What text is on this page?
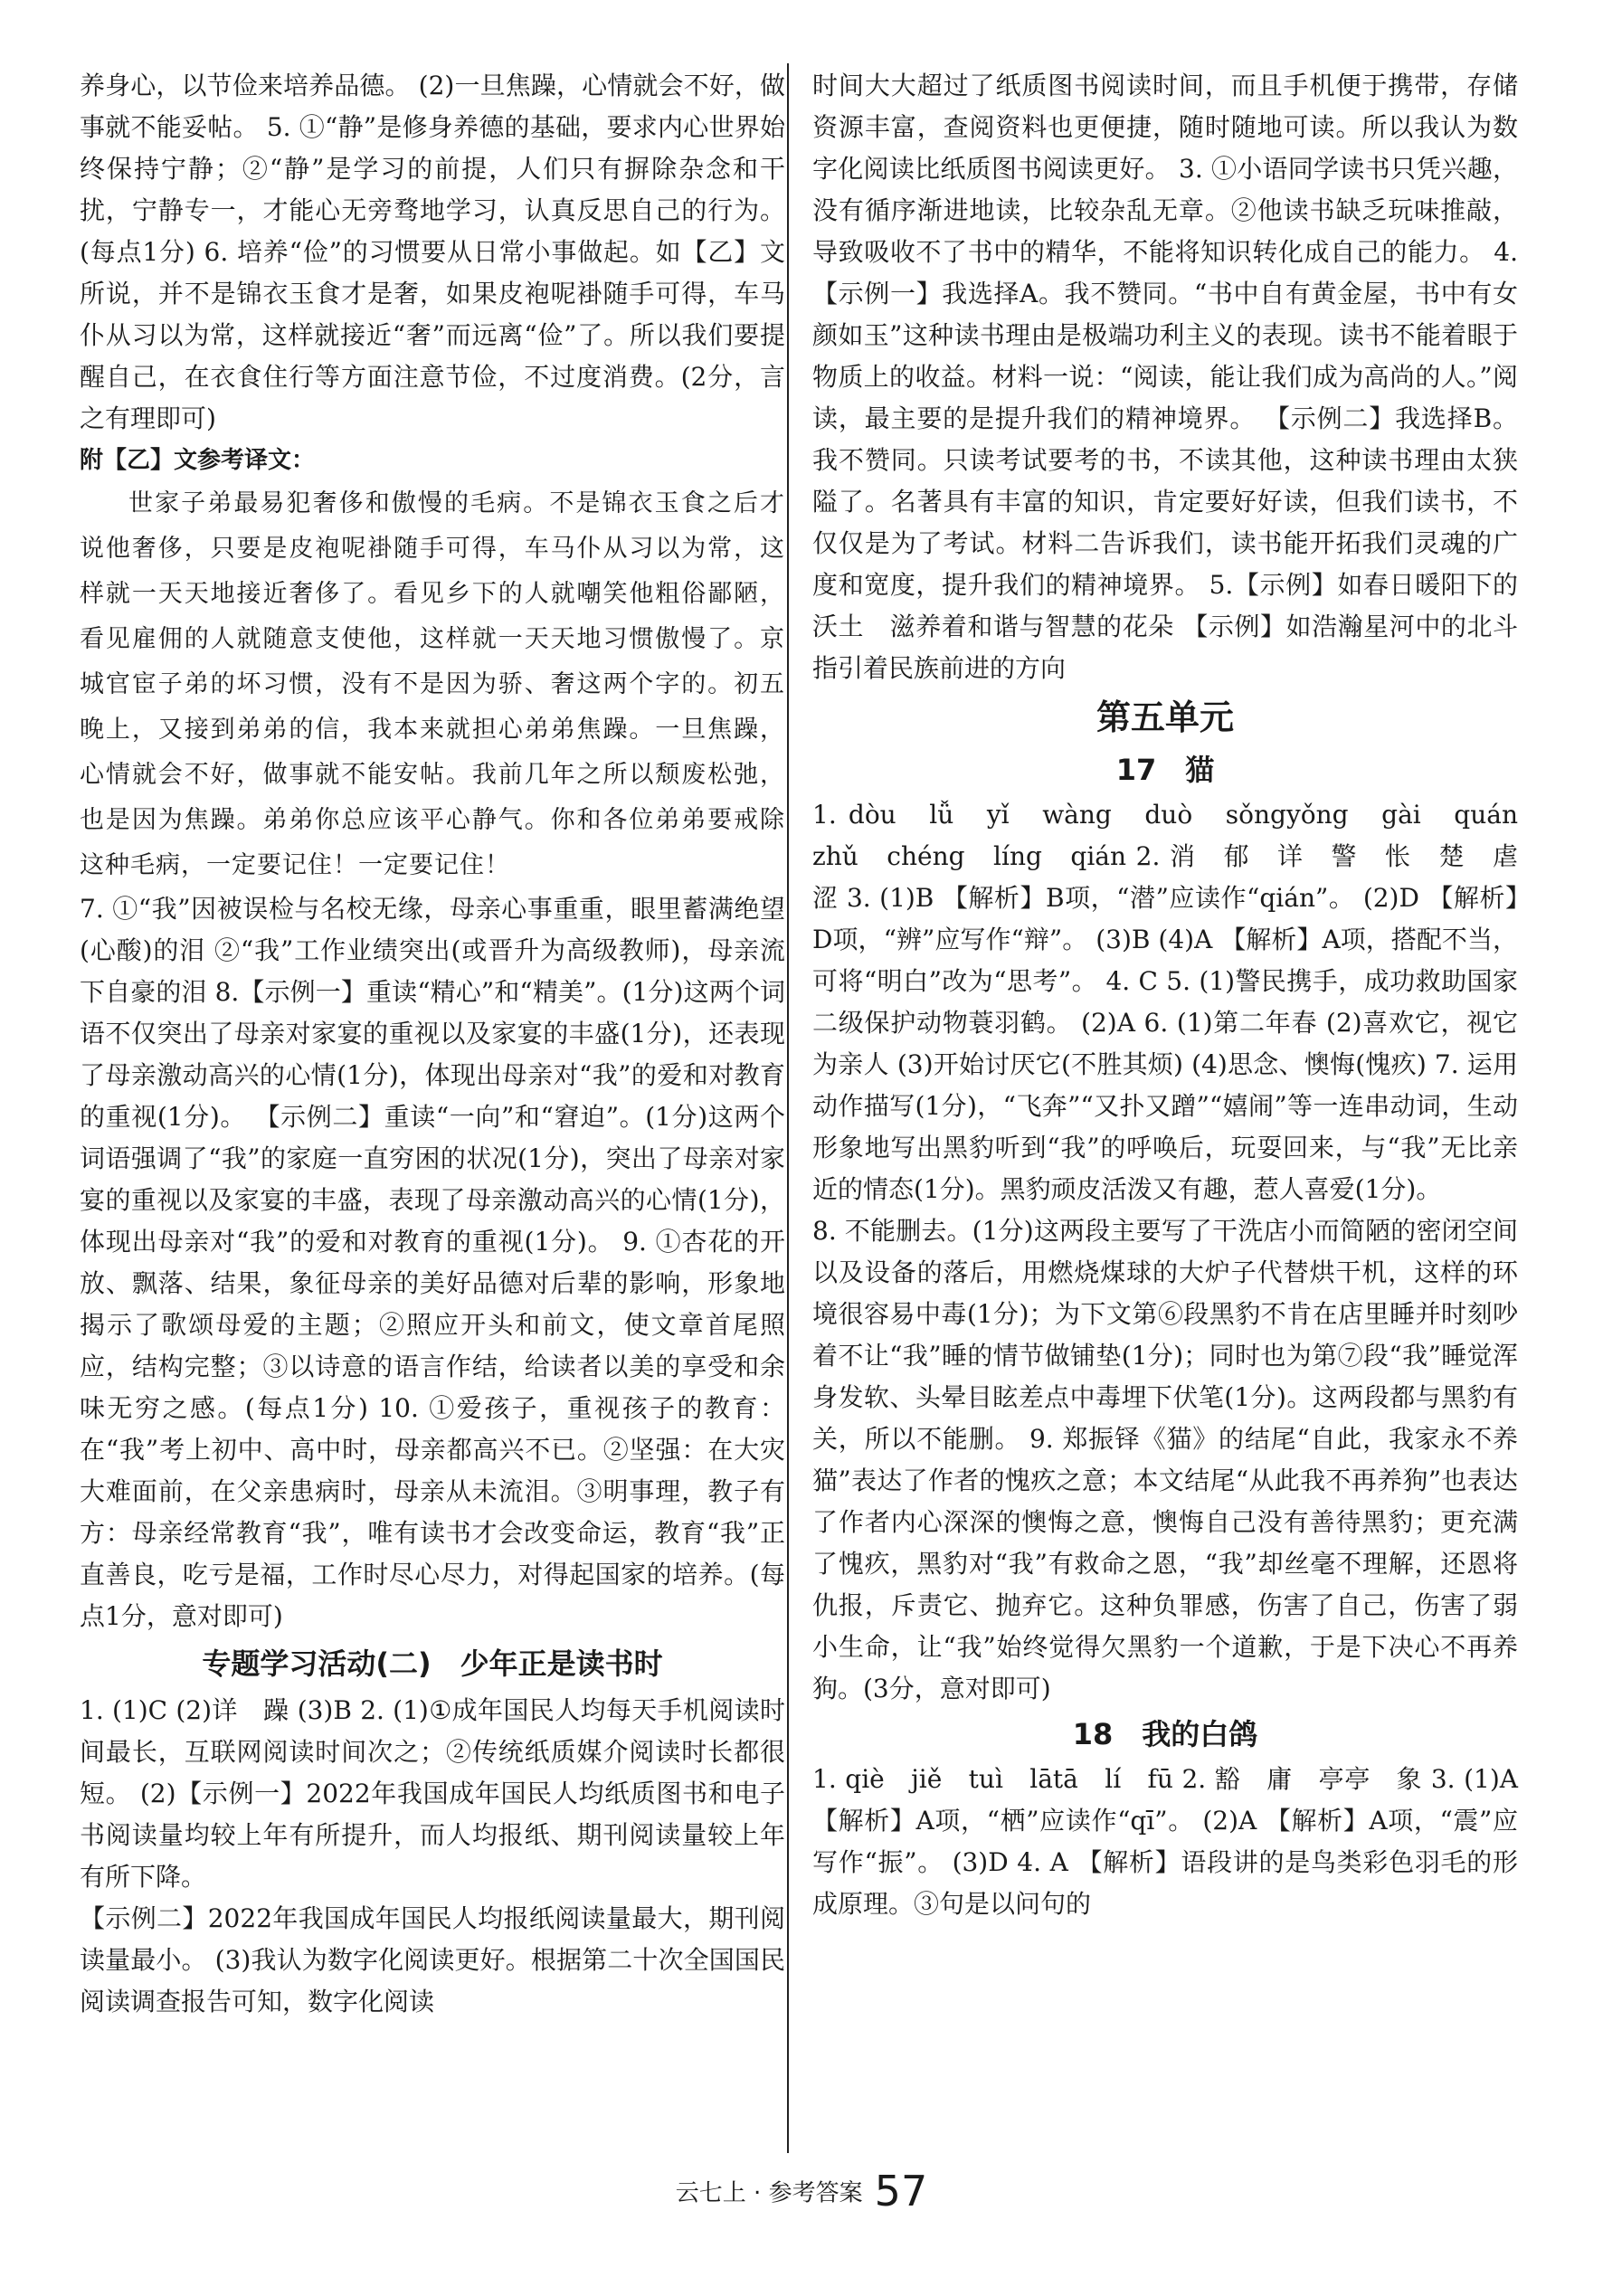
养身心，以节俭来培养品德。 (2)一旦焦躁，心情就会不好，做事就不能妥帖。 5. ①“静”是修身养德的基础，要求内心世界始终保持宁静；②“静”是学习的前提，人们只有摒除杂念和干扰，宁静专一，才能心无旁骛地学习，认真反思自己的行为。(每点1分) 6. 培养“俭”的习惯要从日常小事做起。如【乙】文所说，并不是锦衣玉食才是奢，如果皮袍呢褂随手可得，车马仆从习以为常，这样就接近“奢”而远离“俭”了。所以我们要提醒自己，在衣食住行等方面注意节俭，不过度消费。(2分，言之有理即可)

附【乙】文参考译文：

世家子弟最易犯奢侈和傲慢的毛病。不是锦衣玉食之后才说他奢侈，只要是皮袍呢褂随手可得，车马仆从习以为常，这样就一天天地接近奢侈了。看见乡下的人就嘲笑他粗俗鄙陋，看见雇佣的人就随意支使他，这样就一天天地习惯傲慢了。京城官宦子弟的坏习惯，没有不是因为骄、奢这两个字的。初五晚上，又接到弟弟的信，我本来就担心弟弟焦躁。一旦焦躁，心情就会不好，做事就不能安帖。我前几年之所以颓废松弛，也是因为焦躁。弟弟你总应该平心静气。你和各位弟弟要戒除这种毛病，一定要记住！一定要记住！

7. ①“我”因被误检与名校无缘，母亲心事重重，眼里蓄满绝望(心酸)的泪 ②“我”工作业绩突出(或晋升为高级教师)，母亲流下自豪的泪 8.【示例一】重读“精心”和“精美”。(1分)这两个词语不仅突出了母亲对家宴的重视以及家宴的丰盛(1分)，还表现了母亲激动高兴的心情(1分)，体现出母亲对“我”的爱和对教育的重视(1分)。 【示例二】重读“一向”和“窘迫”。(1分)这两个词语强调了“我”的家庭一直穷困的状况(1分)，突出了母亲对家宴的重视以及家宴的丰盛，表现了母亲激动高兴的心情(1分)，体现出母亲对“我”的爱和对教育的重视(1分)。 9. ①杏花的开放、飘落、结果，象征母亲的美好品德对后辈的影响，形象地揭示了歌颂母爱的主题；②照应开头和前文，使文章首尾照应，结构完整；③以诗意的语言作结，给读者以美的享受和余味无穷之感。(每点1分) 10. ①爱孩子，重视孩子的教育：在“我”考上初中、高中时，母亲都高兴不已。②坚强：在大灾大难面前，在父亲患病时，母亲从未流泪。③明事理，教子有方：母亲经常教育“我”，唯有读书才会改变命运，教育“我”正直善良，吃亏是福，工作时尽心尽力，对得起国家的培养。(每点1分，意对即可)

专题学习活动(二)　少年正是读书时

1. (1)C (2)详　躁 (3)B 2. (1)①成年国民人均每天手机阅读时间最长，互联网阅读时间次之；②传统纸质媒介阅读时长都很短。 (2)【示例一】2022年我国成年国民人均纸质图书和电子书阅读量均较上年有所提升，而人均报纸、期刊阅读量较上年有所下降。

【示例二】2022年我国成年国民人均报纸阅读量最大，期刊阅读量最小。 (3)我认为数字化阅读更好。根据第二十次全国国民阅读调查报告可知，数字化阅读

时间大大超过了纸质图书阅读时间，而且手机便于携带，存储资源丰富，查阅资料也更便捷，随时随地可读。所以我认为数字化阅读比纸质图书阅读更好。 3. ①小语同学读书只凭兴趣，没有循序渐进地读，比较杂乱无章。②他读书缺乏玩味推敲，导致吸收不了书中的精华，不能将知识转化成自己的能力。 4.【示例一】我选择A。我不赞同。“书中自有黄金屋，书中有女颜如玉”这种读书理由是极端功利主义的表现。读书不能着眼于物质上的收益。材料一说：“阅读，能让我们成为高尚的人。”阅读，最主要的是提升我们的精神境界。 【示例二】我选择B。我不赞同。只读考试要考的书，不读其他，这种读书理由太狭隘了。名著具有丰富的知识，肯定要好好读，但我们读书，不仅仅是为了考试。材料二告诉我们，读书能开拓我们灵魂的广度和宽度，提升我们的精神境界。 5.【示例】如春日暖阳下的沃土　滋养着和谐与智慧的花朵 【示例】如浩瀚星河中的北斗　指引着民族前进的方向

第五单元

17　猫

1. dòu　lǚ　yǐ　wàng　duò　sǒngyǒng　gài　quán　zhǔ　chéng　líng　qián 2. 消　郁　详　警　怅　楚　虐　涩 3. (1)B 【解析】B项，“潜”应读作“qián”。 (2)D 【解析】D项，“辨”应写作“辩”。 (3)B (4)A 【解析】A项，搭配不当，可将“明白”改为“思考”。 4. C 5. (1)警民携手，成功救助国家二级保护动物蓑羽鹤。 (2)A 6. (1)第二年春 (2)喜欢它，视它为亲人 (3)开始讨厌它(不胜其烦) (4)思念、懊悔(愧疚) 7. 运用动作描写(1分)，“飞奔”“又扑又蹭”“嬉闹”等一连串动词，生动形象地写出黑豹听到“我”的呼唤后，玩耍回来，与“我”无比亲近的情态(1分)。黑豹顽皮活泼又有趣，惹人喜爱(1分)。

8. 不能删去。(1分)这两段主要写了干洗店小而简陋的密闭空间以及设备的落后，用燃烧煤球的大炉子代替烘干机，这样的环境很容易中毒(1分)；为下文第⑥段黑豹不肯在店里睡并时刻吵着不让“我”睡的情节做铺垫(1分)；同时也为第⑦段“我”睡觉浑身发软、头晕目眩差点中毒埋下伏笔(1分)。这两段都与黑豹有关，所以不能删。 9. 郑振铎《猫》的结尾“自此，我家永不养猫”表达了作者的愧疚之意；本文结尾“从此我不再养狗”也表达了作者内心深深的懊悔之意，懊悔自己没有善待黑豹；更充满了愧疚，黑豹对“我”有救命之恩，“我”却丝毫不理解，还恩将仇报，斥责它、抛弃它。这种负罪感，伤害了自己，伤害了弱小生命，让“我”始终觉得欠黑豹一个道歉，于是下决心不再养狗。(3分，意对即可)

18　我的白鸽

1. qiè　jiě　tuì　lātā　lí　fū 2. 豁　庸　亭亭　象 3. (1)A 【解析】A项，“栖”应读作“qī”。 (2)A 【解析】A项，“震”应写作“振”。 (3)D 4. A 【解析】语段讲的是鸟类彩色羽毛的形成原理。③句是以问句的

云七上 · 参考答案 57
